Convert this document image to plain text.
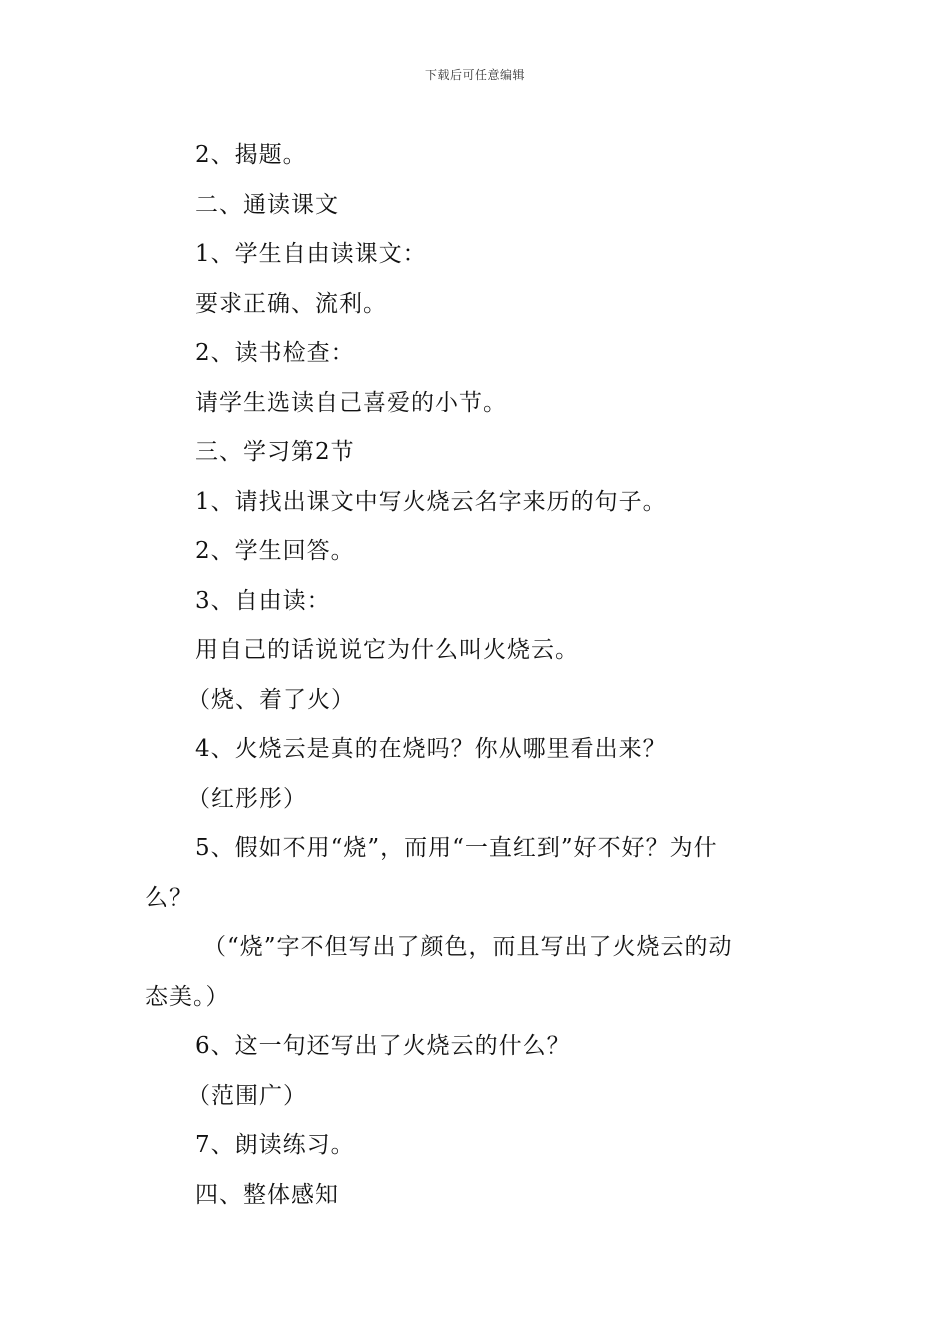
下载后可任意编辑
2、揭题。
二、通读课文
1、学生自由读课文：
要求正确、流利。
2、读书检查：
请学生选读自己喜爱的小节。
三、学习第2节
1、请找出课文中写火烧云名字来历的句子。
2、学生回答。
3、自由读：
用自己的话说说它为什么叫火烧云。
（烧、着了火）
4、火烧云是真的在烧吗？你从哪里看出来？
（红彤彤）
5、假如不用“烧”，而用“一直红到”好不好？为什
么？
（“烧”字不但写出了颜色，而且写出了火烧云的动
态美。）
6、这一句还写出了火烧云的什么？
（范围广）
7、朗读练习。
四、整体感知
